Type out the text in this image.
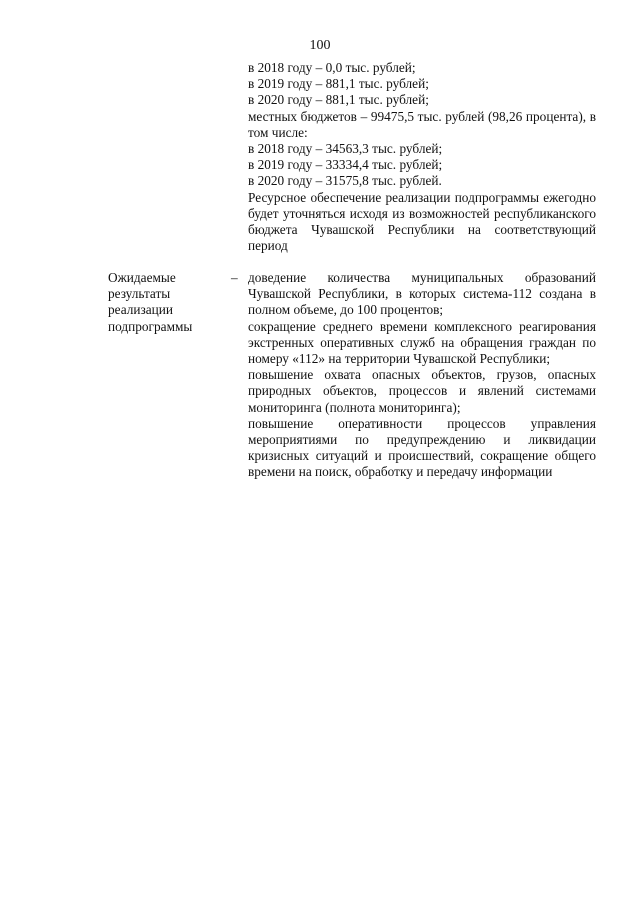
100
в 2018 году – 0,0 тыс. рублей;
в 2019 году – 881,1 тыс. рублей;
в 2020 году – 881,1 тыс. рублей;
местных бюджетов – 99475,5 тыс. рублей (98,26 процента), в том числе:
в 2018 году – 34563,3 тыс. рублей;
в 2019 году – 33334,4 тыс. рублей;
в 2020 году – 31575,8 тыс. рублей.
Ресурсное обеспечение реализации подпрограммы ежегодно будет уточняться исходя из возможностей республиканского бюджета Чувашской Республики на соответствующий период
Ожидаемые результаты реализации подпрограммы
– доведение количества муниципальных образований Чувашской Республики, в которых система-112 создана в полном объеме, до 100 процентов;
сокращение среднего времени комплексного реагирования экстренных оперативных служб на обращения граждан по номеру «112» на территории Чувашской Республики;
повышение охвата опасных объектов, грузов, опасных природных объектов, процессов и явлений системами мониторинга (полнота мониторинга);
повышение оперативности процессов управления мероприятиями по предупреждению и ликвидации кризисных ситуаций и происшествий, сокращение общего времени на поиск, обработку и передачу информации
